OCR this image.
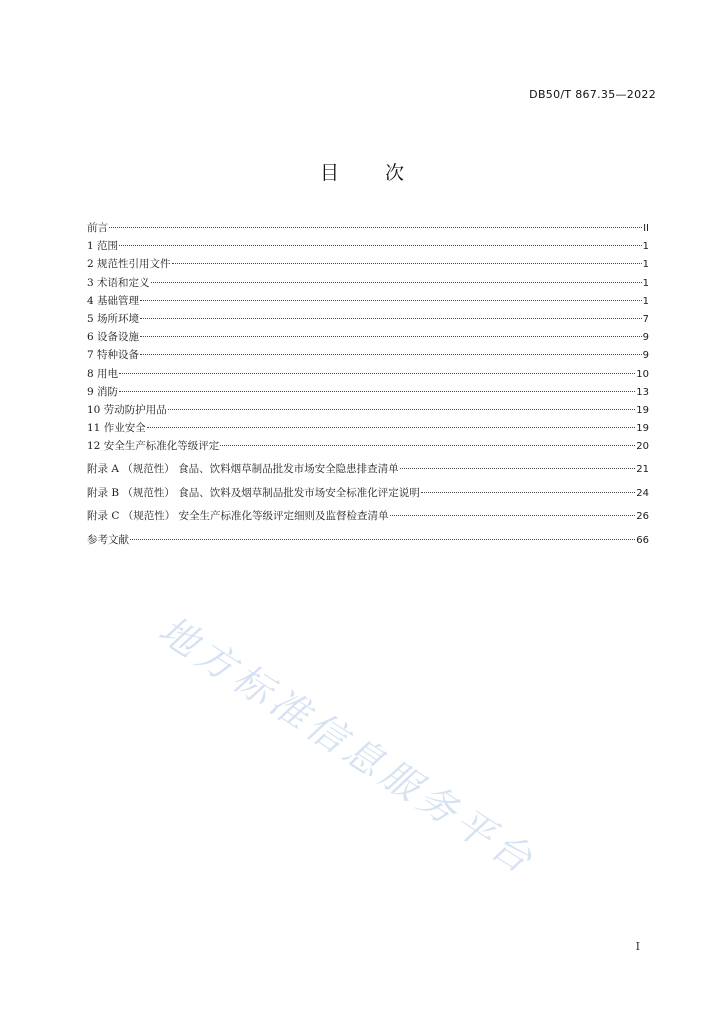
DB50/T 867.35—2022
目 次
前言	II
1 范围	1
2 规范性引用文件	1
3 术语和定义	1
4 基础管理	1
5 场所环境	7
6 设备设施	9
7 特种设备	9
8 用电	10
9 消防	13
10 劳动防护用品	19
11 作业安全	19
12 安全生产标准化等级评定	20
附录 A （规范性） 食品、饮料烟草制品批发市场安全隐患排查清单	21
附录 B （规范性） 食品、饮料及烟草制品批发市场安全标准化评定说明	24
附录 C （规范性） 安全生产标准化等级评定细则及监督检查清单	26
参考文献	66
地方标准信息服务平台
I
